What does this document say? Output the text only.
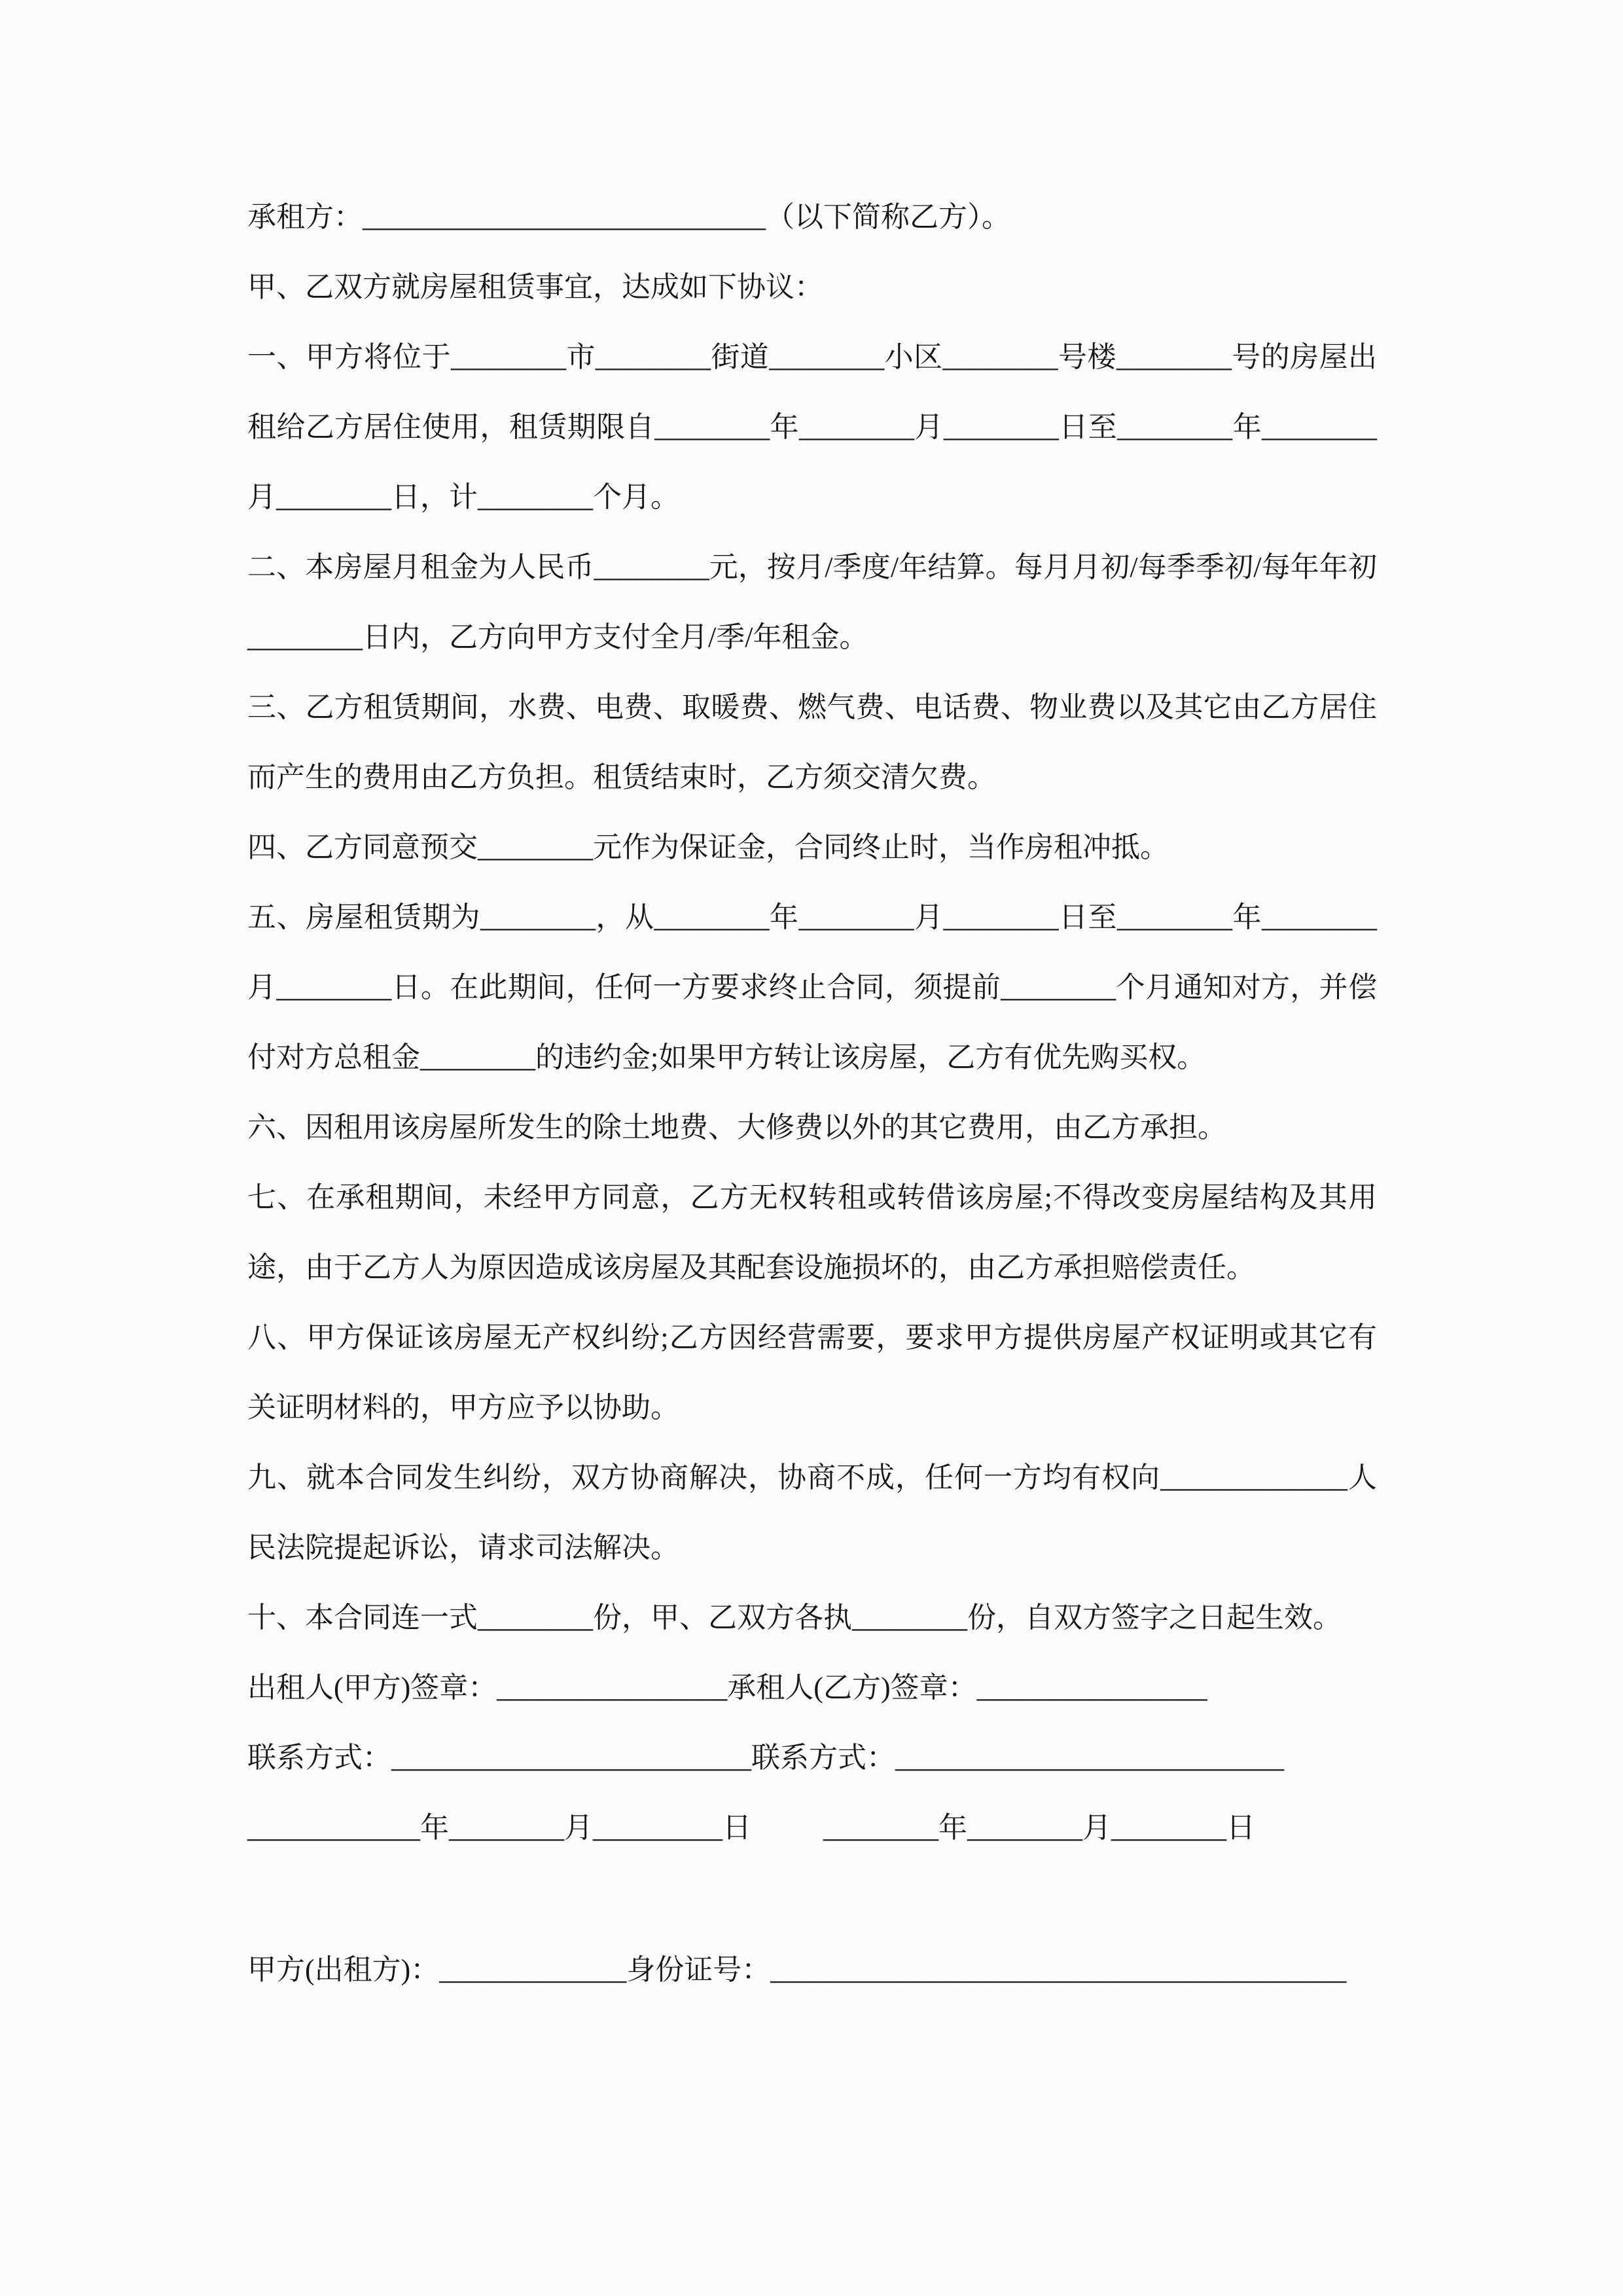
承租方：____________________________（以下简称乙方）。

甲、乙双方就房屋租赁事宜，达成如下协议：

一、甲方将位于________市________街道________小区________号楼________号的房屋出租给乙方居住使用，租赁期限自________年________月________日至________年________月________日，计________个月。

二、本房屋月租金为人民币________元，按月/季度/年结算。每月月初/每季季初/每年年初________日内，乙方向甲方支付全月/季/年租金。

三、乙方租赁期间，水费、电费、取暖费、燃气费、电话费、物业费以及其它由乙方居住而产生的费用由乙方负担。租赁结束时，乙方须交清欠费。

四、乙方同意预交________元作为保证金，合同终止时，当作房租冲抵。

五、房屋租赁期为________，从________年________月________日至________年________月________日。在此期间，任何一方要求终止合同，须提前________个月通知对方，并偿付对方总租金________的违约金;如果甲方转让该房屋，乙方有优先购买权。

六、因租用该房屋所发生的除土地费、大修费以外的其它费用，由乙方承担。

七、在承租期间，未经甲方同意，乙方无权转租或转借该房屋;不得改变房屋结构及其用途，由于乙方人为原因造成该房屋及其配套设施损坏的，由乙方承担赔偿责任。

八、甲方保证该房屋无产权纠纷;乙方因经营需要，要求甲方提供房屋产权证明或其它有关证明材料的，甲方应予以协助。

九、就本合同发生纠纷，双方协商解决，协商不成，任何一方均有权向_____________人民法院提起诉讼，请求司法解决。

十、本合同连一式________份，甲、乙双方各执________份，自双方签字之日起生效。

出租人(甲方)签章：________________承租人(乙方)签章：________________

联系方式：_________________________联系方式：___________________________

____________年________月_________日          ________年________月________日

甲方(出租方)：_____________身份证号：________________________________________
